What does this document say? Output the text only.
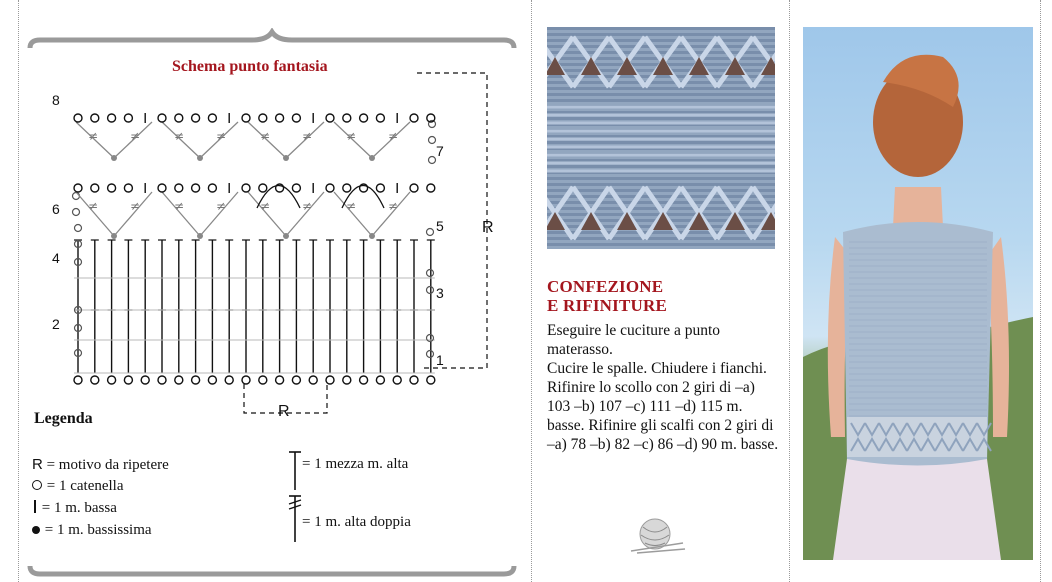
≠	≠	≠	≠	≠	≠	≠	≠
≠	≠	≠	≠	≠	≠	≠	≠
Schema punto fantasia
8
6
4
2
7
5
3
1
R
R
Legenda
R = motivo da ripetere
= 1 catenella
= 1 m. bassa
= 1 m. bassissima
= 1 mezza m. alta
= 1 m. alta doppia
CONFEZIONE
E RIFINITURE

Eseguire le cuciture a punto materasso.

Cucire le spalle. Chiudere i fianchi. Rifinire lo scollo con 2 giri di –a) 103 –b) 107 –c) 111 –d) 115 m. basse. Rifinire gli scalfi con 2 giri di –a) 78 –b) 82 –c) 86 –d) 90 m. basse.
